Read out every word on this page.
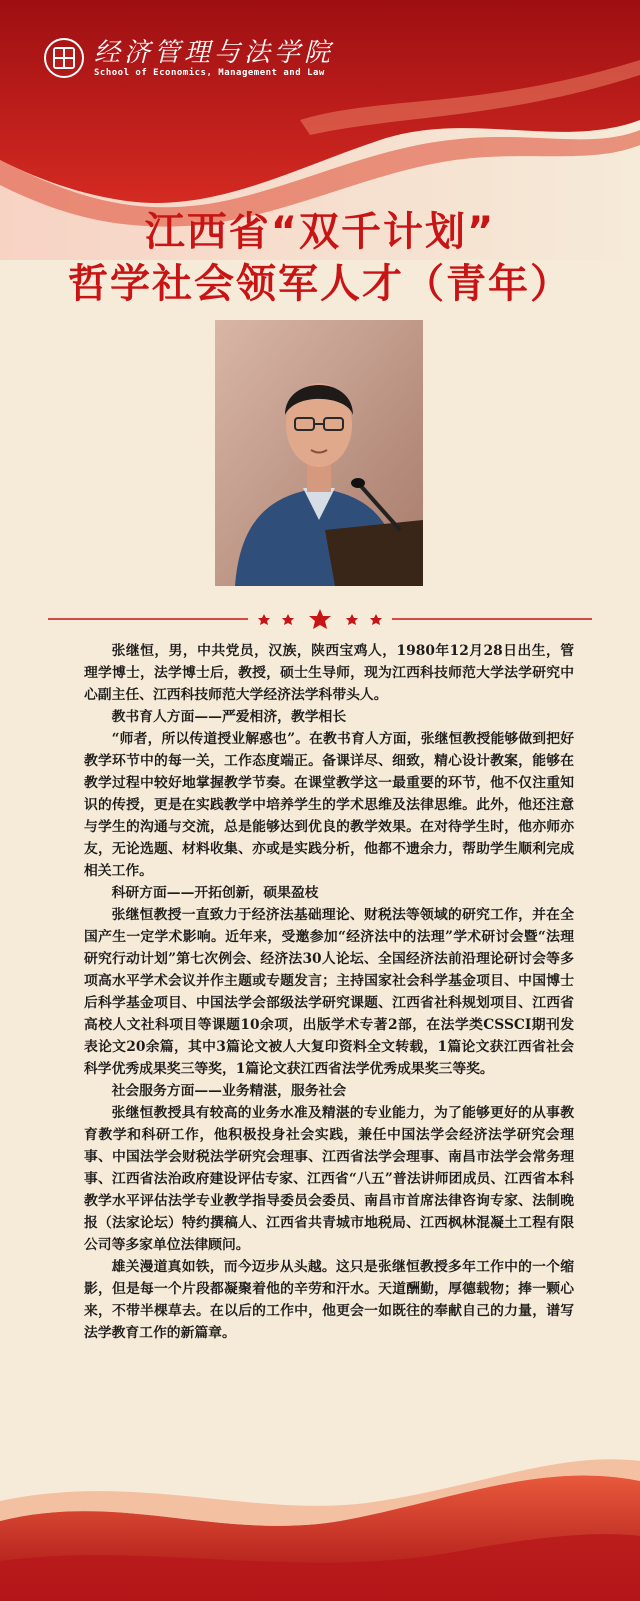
经济管理与法学院
School of Economics, Management and Law
江西省“双千计划”
哲学社会领军人才（青年）

张继恒，男，中共党员，汉族，陕西宝鸡人，1980年12月28日出生，管理学博士，法学博士后，教授，硕士生导师，现为江西科技师范大学法学研究中心副主任、江西科技师范大学经济法学科带头人。

教书育人方面——严爱相济，教学相长

“师者，所以传道授业解惑也”。在教书育人方面，张继恒教授能够做到把好教学环节中的每一关，工作态度端正。备课详尽、细致，精心设计教案，能够在教学过程中较好地掌握教学节奏。在课堂教学这一最重要的环节，他不仅注重知识的传授，更是在实践教学中培养学生的学术思维及法律思维。此外，他还注意与学生的沟通与交流，总是能够达到优良的教学效果。在对待学生时，他亦师亦友，无论选题、材料收集、亦或是实践分析，他都不遗余力，帮助学生顺利完成相关工作。

科研方面——开拓创新，硕果盈枝

张继恒教授一直致力于经济法基础理论、财税法等领域的研究工作，并在全国产生一定学术影响。近年来，受邀参加“经济法中的法理”学术研讨会暨“法理研究行动计划”第七次例会、经济法30人论坛、全国经济法前沿理论研讨会等多项高水平学术会议并作主题或专题发言；主持国家社会科学基金项目、中国博士后科学基金项目、中国法学会部级法学研究课题、江西省社科规划项目、江西省高校人文社科项目等课题10余项，出版学术专著2部，在法学类CSSCI期刊发表论文20余篇，其中3篇论文被人大复印资料全文转载，1篇论文获江西省社会科学优秀成果奖三等奖，1篇论文获江西省法学优秀成果奖三等奖。

社会服务方面——业务精湛，服务社会

张继恒教授具有较高的业务水准及精湛的专业能力，为了能够更好的从事教育教学和科研工作，他积极投身社会实践，兼任中国法学会经济法学研究会理事、中国法学会财税法学研究会理事、江西省法学会理事、南昌市法学会常务理事、江西省法治政府建设评估专家、江西省“八五”普法讲师团成员、江西省本科教学水平评估法学专业教学指导委员会委员、南昌市首席法律咨询专家、法制晚报（法家论坛）特约撰稿人、江西省共青城市地税局、江西枫林混凝土工程有限公司等多家单位法律顾问。

雄关漫道真如铁，而今迈步从头越。这只是张继恒教授多年工作中的一个缩影，但是每一个片段都凝聚着他的辛劳和汗水。天道酬勤，厚德载物；捧一颗心来，不带半棵草去。在以后的工作中，他更会一如既往的奉献自己的力量，谱写法学教育工作的新篇章。
